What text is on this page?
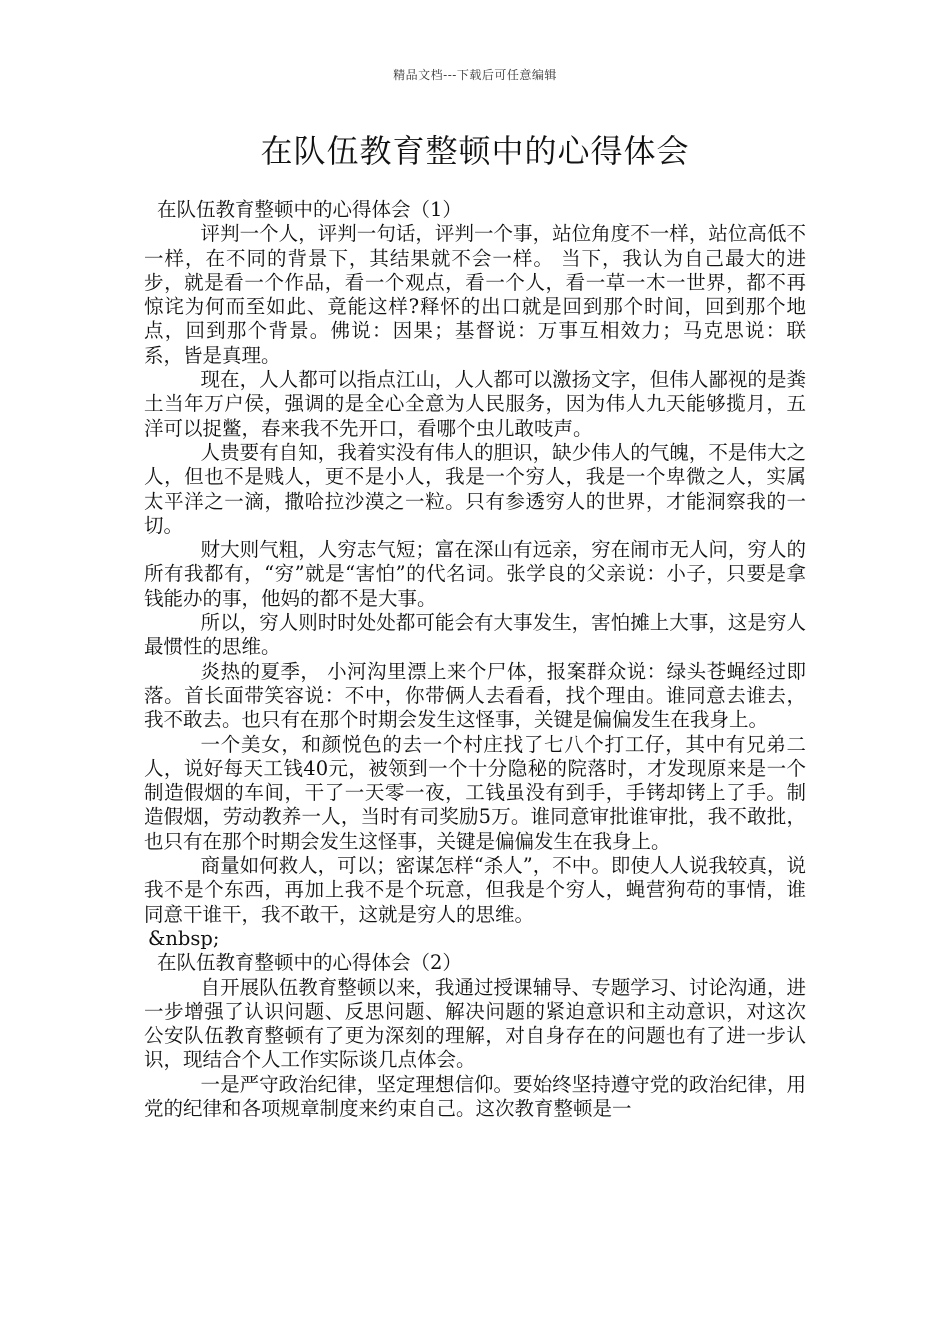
精品文档---下载后可任意编辑
在队伍教育整顿中的心得体会

在队伍教育整顿中的心得体会（1）

评判一个人，评判一句话，评判一个事，站位角度不一样，站位高低不一样，在不同的背景下，其结果就不会一样。 当下，我认为自己最大的进步，就是看一个作品，看一个观点，看一个人，看一草一木一世界，都不再惊诧为何而至如此、竟能这样?释怀的出口就是回到那个时间，回到那个地点，回到那个背景。佛说：因果；基督说：万事互相效力；马克思说：联系，皆是真理。

现在，人人都可以指点江山，人人都可以激扬文字，但伟人鄙视的是粪土当年万户侯，强调的是全心全意为人民服务，因为伟人九天能够揽月，五洋可以捉鳖，春来我不先开口，看哪个虫儿敢吱声。

人贵要有自知，我着实没有伟人的胆识，缺少伟人的气魄，不是伟大之人，但也不是贱人，更不是小人，我是一个穷人，我是一个卑微之人，实属太平洋之一滴，撒哈拉沙漠之一粒。只有参透穷人的世界，才能洞察我的一切。

财大则气粗，人穷志气短；富在深山有远亲，穷在闹市无人问，穷人的所有我都有，“穷”就是“害怕”的代名词。张学良的父亲说：小子，只要是拿钱能办的事，他妈的都不是大事。

所以，穷人则时时处处都可能会有大事发生，害怕摊上大事，这是穷人最惯性的思维。

炎热的夏季， 小河沟里漂上来个尸体，报案群众说：绿头苍蝇经过即落。首长面带笑容说：不中，你带俩人去看看，找个理由。谁同意去谁去，我不敢去。也只有在那个时期会发生这怪事，关键是偏偏发生在我身上。

一个美女，和颜悦色的去一个村庄找了七八个打工仔，其中有兄弟二人，说好每天工钱40元，被领到一个十分隐秘的院落时，才发现原来是一个制造假烟的车间，干了一天零一夜，工钱虽没有到手，手铐却铐上了手。制造假烟，劳动教养一人，当时有司奖励5万。谁同意审批谁审批，我不敢批，也只有在那个时期会发生这怪事，关键是偏偏发生在我身上。

商量如何救人，可以；密谋怎样“杀人”，不中。即使人人说我较真，说我不是个东西，再加上我不是个玩意，但我是个穷人，蝇营狗苟的事情，谁同意干谁干，我不敢干，这就是穷人的思维。

&nbsp;

在队伍教育整顿中的心得体会（2）

自开展队伍教育整顿以来，我通过授课辅导、专题学习、讨论沟通，进一步增强了认识问题、反思问题、解决问题的紧迫意识和主动意识，对这次公安队伍教育整顿有了更为深刻的理解，对自身存在的问题也有了进一步认识，现结合个人工作实际谈几点体会。

一是严守政治纪律，坚定理想信仰。要始终坚持遵守党的政治纪律，用党的纪律和各项规章制度来约束自己。这次教育整顿是一
